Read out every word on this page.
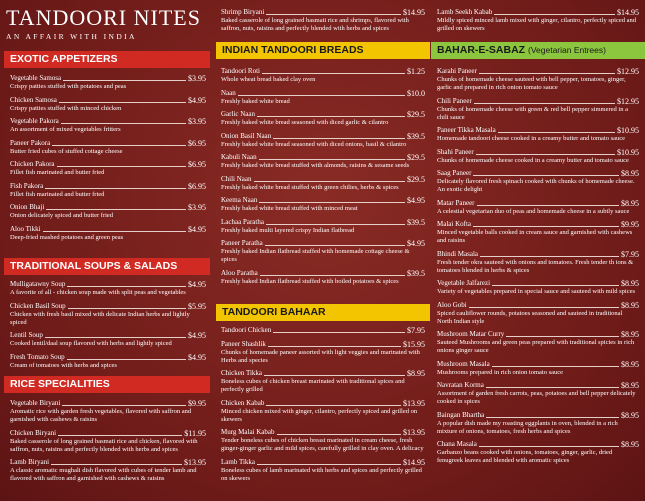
TANDOORI NITES
AN AFFAIR WITH INDIA
EXOTIC APPETIZERS
Vegetable Samosa	$3.95
Crispy patties stuffed with potatoes and peas
Chicken Samosa	$4.95
Crispy patties stuffed with minced chicken
Vegetable Pakora	$3.95
An assortment of mixed vegetables fritters
Paneer Pakora	$6.95
Butter fried cubes of stuffed cottage cheese
Chicken Pakora	$6.95
Fillet fish marinated and butter fried
Fish Pakora	$6.95
Fillet fish marinated and butter fried
Onion Bhaji	$3.95
Onion delicately spiced and butter fried
Aloo Tikki	$4.95
Deep-fried mashed potatoes and green peas
TRADITIONAL SOUPS & SALADS
Mulligatawny Soup	$4.95
A favorite of all - chicken soup made with split peas and vegetables
Chicken Basil Soup	$5.95
Chicken with fresh basil mixed with delicate Indian herbs and lightly spiced
Lentil Soup	$4.95
Cooked lentil/daal soup flavored with herbs and lightly spiced
Fresh Tomato Soup	$4.95
Cream of tomatoes with herbs and spices
RICE SPECIALITIES
Vegetable Biryani	$9.95
Aromatic rice with garden fresh vegetables, flavored with saffron and garnished with cashews & raisins
Chicken Biryani	$11.95
Baked casserole of long grained basmati rice and chicken, flavored with saffron, nuts, raisins and perfectly blended with herbs and spices
Lamb Biryani	$13.95
A classic aromatic mughali dish flavored with cubes of tender lamb and flavored with saffron and garnished with cashews & raisins
Shrimp Biryani	$14.95
Baked casserole of long grained basmati rice and shrimps, flavored with saffron, nuts, raisins and perfectly blended with herbs and spices
INDIAN TANDOORI BREADS
Tandoori Roti	$1.25
Whole wheat bread baked clay oven
Naan	$10.0
Freshly baked white bread
Garlic Naan	$29.5
Freshly baked white bread seasoned with diced garlic & cilantro
Onion Basil Naan	$39.5
Freshly baked white bread seasoned with diced onions, basil & cilantro
Kabuli Naan	$29.5
Freshly baked white bread stuffed with almonds, raisins & sesame seeds
Chili Naan	$29.5
Freshly baked white bread stuffed with green chilies, herbs & spices
Keema Naan	$4.95
Freshly baked white bread stuffed with minced meat
Lachaa Paratha	$39.5
Freshly baked multi layered crispy Indian flatbread
Paneer Paratha	$4.95
Freshly baked Indian flatbread stuffed with homemade cottage cheese & spices
Aloo Paratha	$39.5
Freshly baked Indian flatbread stuffed with boiled potatoes & spices
TANDOORI BAHAAR
Tandoori Chicken	$7.95
Paneer Shashlik	$15.95
Chunks of homemade paneer assorted with light veggies and marinated with Herbs and species
Chicken Tikka	$8.95
Boneless cubes of chicken breast marinated with traditional spices and perfectly grilled
Chicken Kabab	$13.95
Minced chicken mixed with ginger, cilantro, perfectly spiced and grilled on skewers
Murg Malai Kabab	$13.95
Tender boneless cubes of chicken breast marinated in cream cheese, fresh ginger-ginger garlic and mild spices, carefully grilled in clay oven. A delicacy
Lamb Tikka	$14.95
Boneless cubes of lamb marinated with herbs and spices and perfectly grilled on skewers
Lamb Seekh Kabab	$14.95
Mildly spiced minced lamb mixed with ginger, cilantro, perfectly spiced and grilled on skewers
BAHAR-E-SABAZ (Vegetarian Entrees)
Karahi Paneer	$12.95
Chunks of homemade cheese sauteed with bell pepper, tomatoes, ginger, garlic and prepared in rich onion tomato sauce
Chili Paneer	$12.95
Chunks of homemade cheese with green & red bell pepper simmered in a chili sauce
Paneer Tikka Masala	$10.95
Homemade tandoori cheese cooked in a creamy butter and tomato sauce
Shahi Paneer	$10.95
Chunks of homemade cheese cooked in a creamy butter and tomato sauce
Saag Paneer	$8.95
Delicately flavored fresh spinach cooked with chunks of homemade cheese. An exotic delight
Matar Paneer	$8.95
A celestial vegetarian duo of peas and homemade cheese in a subtly sauce
Malai Kofta	$9.95
Minced vegetable balls cooked in cream sauce and garnished with cashews and raisins
Bhindi Masala	$7.95
Fresh tender okra sauteed with onions and tomatoes. Fresh tender th ions & tomatoes blended in herbs & spices
Vegetable Jalfarezi	$8.95
Variety of vegetables prepared in special sauce and sauteed with mild spices
Aloo Gobi	$8.95
Spiced cauliflower rounds, potatoes seasoned and sauteed in traditional North Indian style
Mushroom Matar Curry	$8.95
Sauteed Mushrooms and green peas prepared with traditional spicies in rich onions ginger sauce
Mushroom Masala	$8.95
Mushrooms prepared in rich onion tomato sauce
Navratan Korma	$8.95
Assortment of garden fresh carrots, peas, potatoes and bell pepper delicately cooked in spices
Baingan Bhartha	$8.95
A popular dish made my roasting eggplants in oven, blended in a rich mixture of onions, tomatoes, fresh herbs and spices
Chana Masala	$8.95
Garbanzo beans cooked with onions, tomatoes, ginger, garlic, dried fenugreek leaves and blended with aromatic spices
